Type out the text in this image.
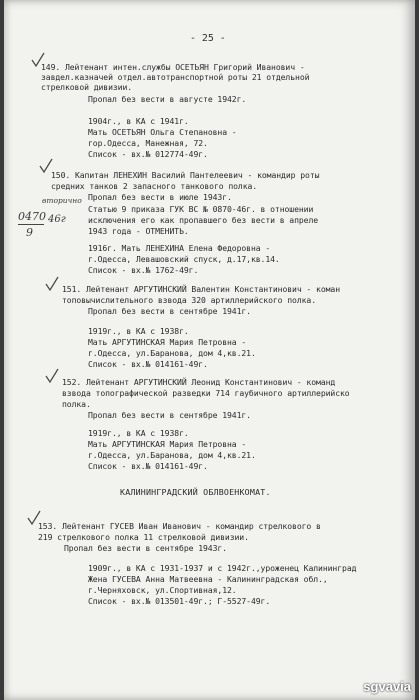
- 25 -
149. Лейтенант интен.службы ОСЕТЬЯН Григорий Иванович -
завдел.казначей отдел.автотранспортной роты 21 отдельной
стрелковой дивизии.
Пропал без вести в августе 1942г.
1904г., в КА с 1941г.
Мать ОСЕТЬЯН Ольга Степановна -
гор.Одесса, Манежная, 72.
Список - вх.№ 012774-49г.
150. Капитан ЛЕНЕХИН Василий Пантелеевич - командир роты
средних танков 2 запасного танкового полка.
Пропал без вести в июле 1943г.
Статью 9 приказа ГУК ВС № 0870-46г. в отношении
исключения его как пропавшего без вести в апреле
1943 года - ОТМЕНИТЬ.
1916г. Мать ЛЕНЕХИНА Елена Федоровна -
г.Одесса, Левашовский спуск, д.17,кв.14.
Список - вх.№ 1762-49г.
0470
9
46г
вторично
151. Лейтенант АРГУТИНСКИЙ Валентин Константинович - коман
топовычислительного взвода 320 артиллерийского полка.
Пропал без вести в сентябре 1941г.
1919г., в КА с 1938г.
Мать АРГУТИНСКАЯ Мария Петровна -
г.Одесса, ул.Баранова, дом 4,кв.21.
Список - вх.№ 014161-49г.
152. Лейтенант АРГУТИНСКИЙ Леонид Константинович - команд
взвода топографической разведки 714 гаубичного артиллерийско
полка.
Пропал без вести в сентябре 1941г.
1919г., в КА с 1938г.
Мать АРГУТИНСКАЯ Мария Петровна -
г.Одесса, ул.Баранова, дом 4,кв.21.
Список - вх.№ 014161-49г.
КАЛИНИНГРАДСКИЙ ОБЛВОЕНКОМАТ.
153. Лейтенант ГУСЕВ Иван Иванович - командир стрелкового в
219 стрелкового полка 11 стрелковой дивизии.
Пропал без вести в сентябре 1943г.
1909г., в КА с 1931-1937 и с 1942г.,уроженец Калининград
Жена ГУСЕВА Анна Матвеевна - Калининградская обл.,
г.Черняховск, ул.Спортивная,12.
Список - вх.№ 013501-49г.; Г-5527-49г.
sgvavia
